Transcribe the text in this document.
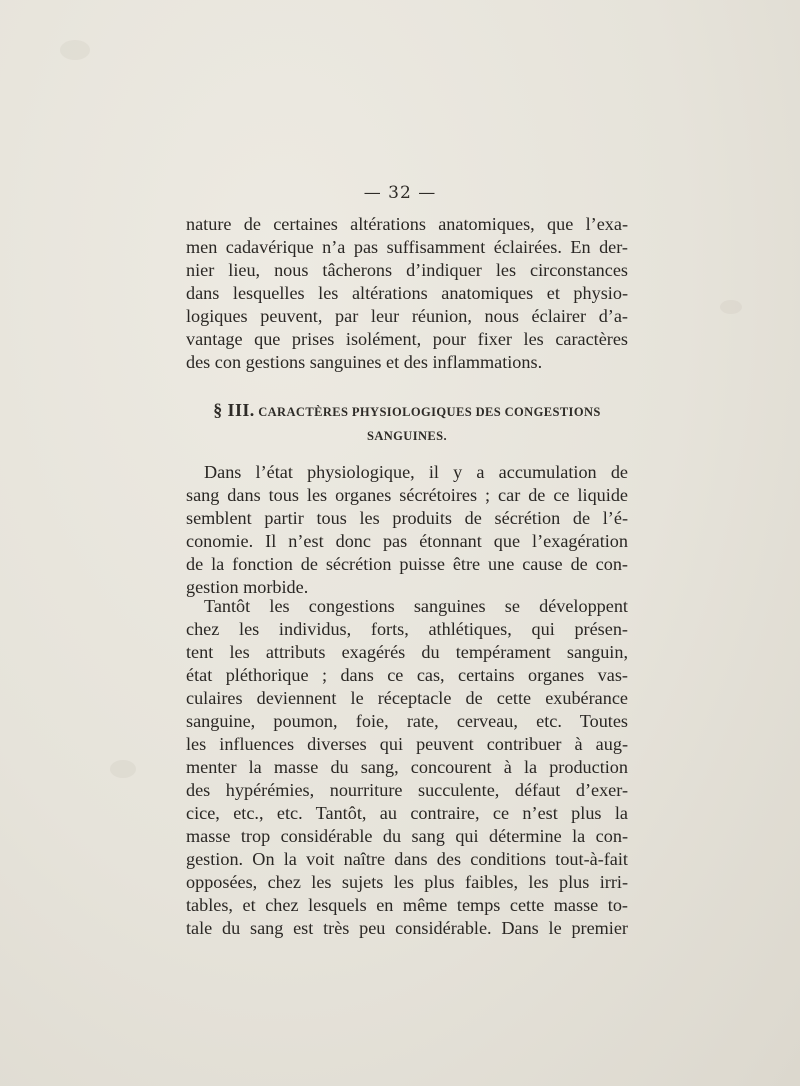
— 32 —
nature de certaines altérations anatomiques, que l’exa-
men cadavérique n’a pas suffisamment éclairées. En der-
nier lieu, nous tâcherons d’indiquer les circonstances
dans lesquelles les altérations anatomiques et physio-
logiques peuvent, par leur réunion, nous éclairer d’a-
vantage que prises isolément, pour fixer les caractères
des con gestions sanguines et des inflammations.
§ III. CARACTÈRES PHYSIOLOGIQUES DES CONGESTIONS
SANGUINES.
Dans l’état physiologique, il y a accumulation de
sang dans tous les organes sécrétoires ; car de ce liquide
semblent partir tous les produits de sécrétion de l’é-
conomie. Il n’est donc pas étonnant que l’exagération
de la fonction de sécrétion puisse être une cause de con-
gestion morbide.
Tantôt les congestions sanguines se développent
chez les individus, forts, athlétiques, qui présen-
tent les attributs exagérés du tempérament sanguin,
état pléthorique ; dans ce cas, certains organes vas-
culaires deviennent le réceptacle de cette exubérance
sanguine, poumon, foie, rate, cerveau, etc. Toutes
les influences diverses qui peuvent contribuer à aug-
menter la masse du sang, concourent à la production
des hypérémies, nourriture succulente, défaut d’exer-
cice, etc., etc. Tantôt, au contraire, ce n’est plus la
masse trop considérable du sang qui détermine la con-
gestion. On la voit naître dans des conditions tout-à-fait
opposées, chez les sujets les plus faibles, les plus irri-
tables, et chez lesquels en même temps cette masse to-
tale du sang est très peu considérable. Dans le premier
